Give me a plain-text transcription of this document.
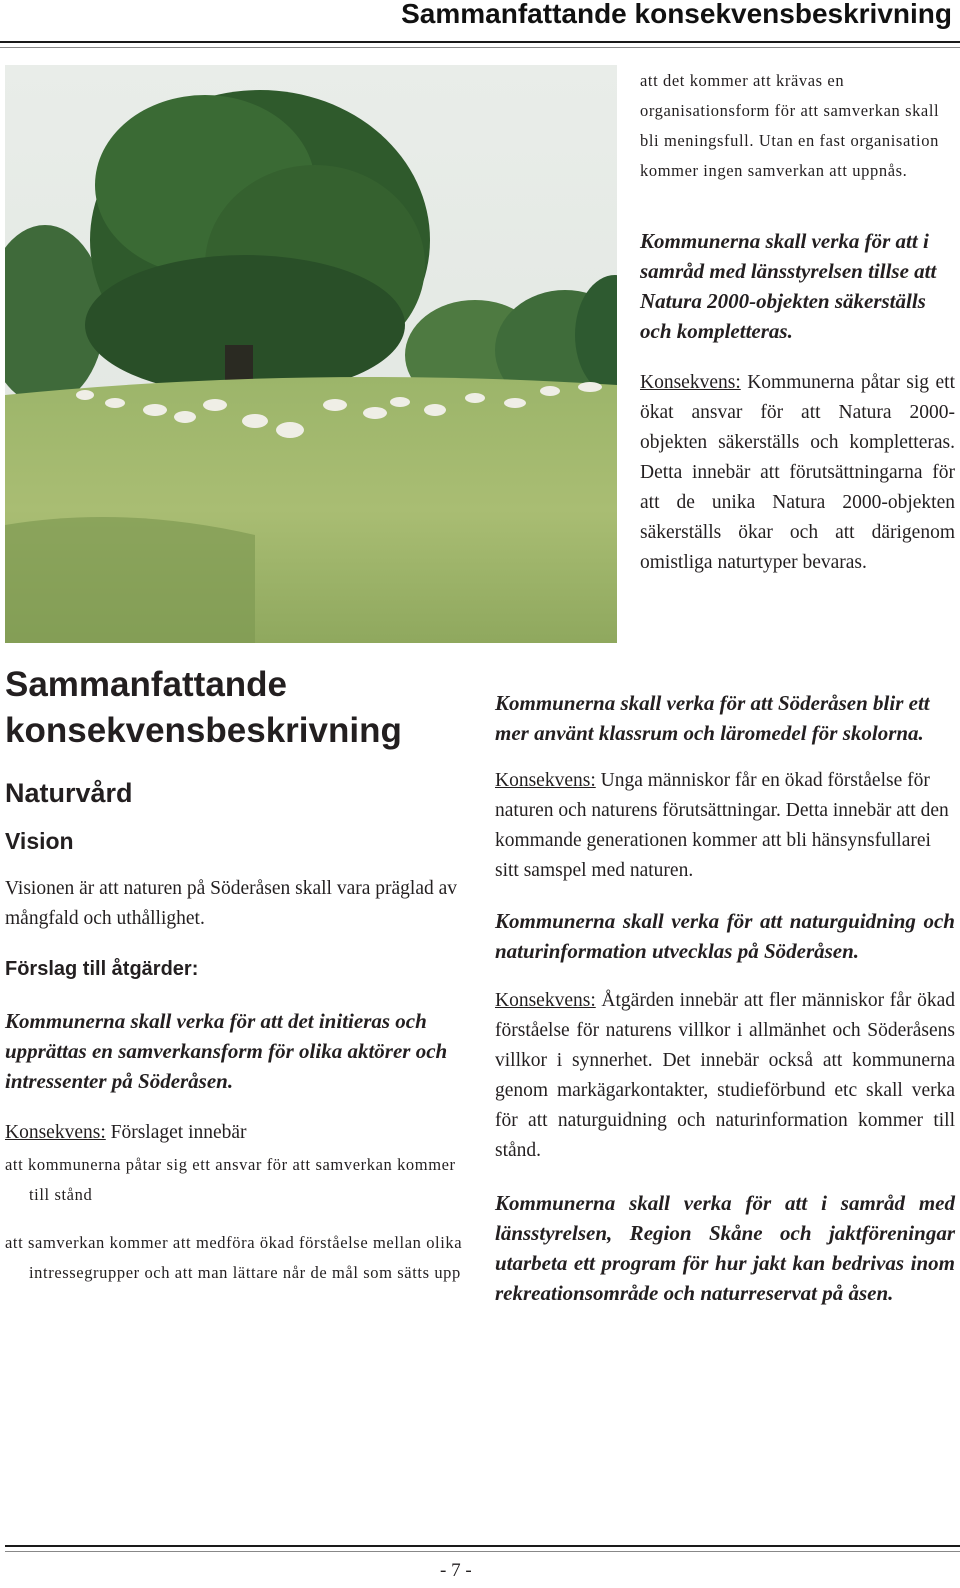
Sammanfattande konsekvensbeskrivning

att det kommer att krävas en organisationsform för att samverkan skall bli meningsfull. Utan en fast organisation kommer ingen samverkan att uppnås.

Kommunerna skall verka för att i samråd med länsstyrelsen tillse att Natura 2000-objekten säkerställs och kompletteras.

Konsekvens: Kommunerna påtar sig ett ökat ansvar för att Natura 2000-objekten säkerställs och kompletteras. Detta innebär att förutsättningarna för att de unika Natura 2000-objekten säkerställs ökar och att därigenom omistliga naturtyper bevaras.

Sammanfattande konsekvensbeskrivning
Naturvård
Vision

Visionen är att naturen på Söderåsen skall vara präglad av mångfald och uthållighet.

Förslag till åtgärder:

Kommunerna skall verka för att det initieras och upprättas en samverkansform för olika aktörer och intressenter på Söderåsen.

Konsekvens: Förslaget innebär

att kommunerna påtar sig ett ansvar för att samverkan kommer till stånd

att samverkan kommer att medföra ökad förståelse mellan olika intressegrupper och att man lättare når de mål som sätts upp

Kommunerna skall verka för att Söderåsen blir ett mer använt klassrum och läromedel för skolorna.

Konsekvens: Unga människor får en ökad förståelse för naturen och naturens förutsättningar. Detta innebär att den kommande generationen kommer att bli hänsynsfullarei sitt samspel med naturen.

Kommunerna skall verka för att naturguidning och naturinformation utvecklas på Söderåsen.

Konsekvens: Åtgärden innebär att fler människor får ökad förståelse för naturens villkor i allmänhet och Söderåsens villkor i synnerhet. Det innebär också att kommunerna genom markägarkontakter, studieförbund etc skall verka för att naturguidning och naturinformation kommer till stånd.

Kommunerna skall verka för att i samråd med länsstyrelsen, Region Skåne och jaktföreningar utarbeta ett program för hur jakt kan bedrivas inom rekreationsområde och naturreservat på åsen.

- 7 -
